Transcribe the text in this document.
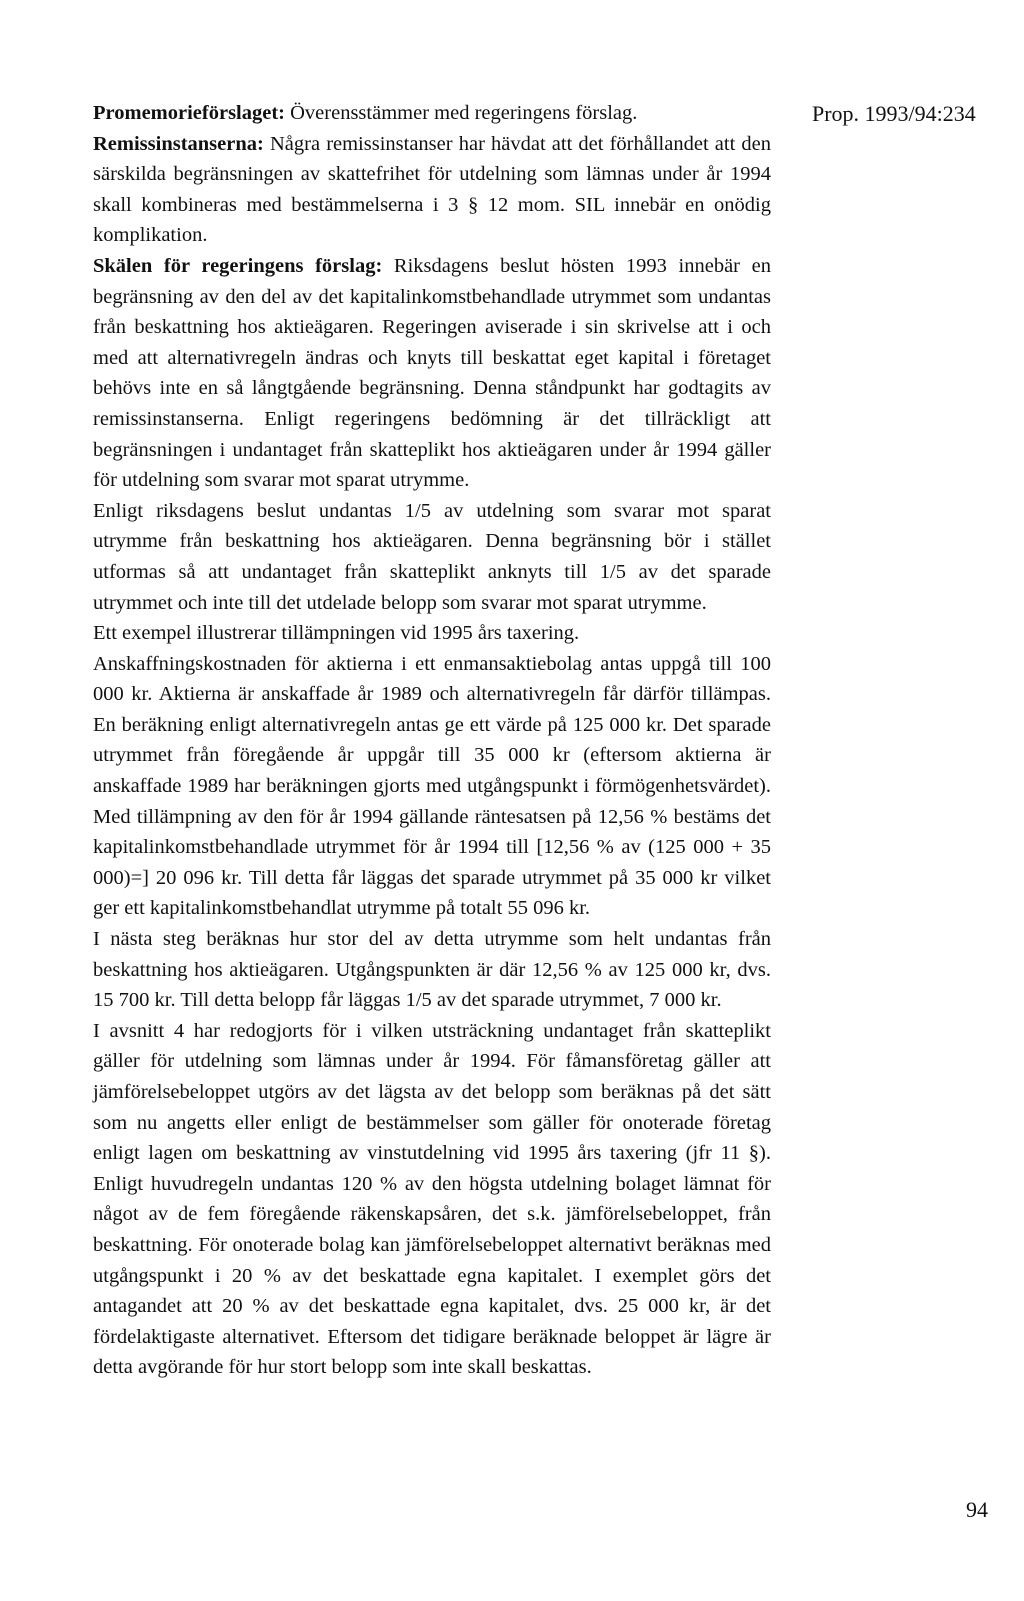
Prop. 1993/94:234

Promemorieförslaget: Överensstämmer med regeringens förslag.

Remissinstanserna: Några remissinstanser har hävdat att det förhållandet att den särskilda begränsningen av skattefrihet för utdelning som lämnas under år 1994 skall kombineras med bestämmelserna i 3 § 12 mom. SIL innebär en onödig komplikation.

Skälen för regeringens förslag: Riksdagens beslut hösten 1993 innebär en begränsning av den del av det kapitalinkomstbehandlade utrymmet som undantas från beskattning hos aktieägaren. Regeringen aviserade i sin skrivelse att i och med att alternativregeln ändras och knyts till beskattat eget kapital i företaget behövs inte en så långtgående begränsning. Denna ståndpunkt har godtagits av remissinstanserna. Enligt regeringens bedömning är det tillräckligt att begränsningen i undantaget från skatteplikt hos aktieägaren under år 1994 gäller för utdelning som svarar mot sparat utrymme.

Enligt riksdagens beslut undantas 1/5 av utdelning som svarar mot sparat utrymme från beskattning hos aktieägaren. Denna begränsning bör i stället utformas så att undantaget från skatteplikt anknyts till 1/5 av det sparade utrymmet och inte till det utdelade belopp som svarar mot sparat utrymme.

Ett exempel illustrerar tillämpningen vid 1995 års taxering.

Anskaffningskostnaden för aktierna i ett enmansaktiebolag antas uppgå till 100 000 kr. Aktierna är anskaffade år 1989 och alternativregeln får därför tillämpas. En beräkning enligt alternativregeln antas ge ett värde på 125 000 kr. Det sparade utrymmet från föregående år uppgår till 35 000 kr (eftersom aktierna är anskaffade 1989 har beräkningen gjorts med utgångspunkt i förmögenhetsvärdet). Med tillämpning av den för år 1994 gällande räntesatsen på 12,56 % bestäms det kapitalinkomstbehandlade utrymmet för år 1994 till [12,56 % av (125 000 + 35 000)=] 20 096 kr. Till detta får läggas det sparade utrymmet på 35 000 kr vilket ger ett kapitalinkomstbehandlat utrymme på totalt 55 096 kr.

I nästa steg beräknas hur stor del av detta utrymme som helt undantas från beskattning hos aktieägaren. Utgångspunkten är där 12,56 % av 125 000 kr, dvs. 15 700 kr. Till detta belopp får läggas 1/5 av det sparade utrymmet, 7 000 kr.

I avsnitt 4 har redogjorts för i vilken utsträckning undantaget från skatteplikt gäller för utdelning som lämnas under år 1994. För fåmansföretag gäller att jämförelsebeloppet utgörs av det lägsta av det belopp som beräknas på det sätt som nu angetts eller enligt de bestämmelser som gäller för onoterade företag enligt lagen om beskattning av vinstutdelning vid 1995 års taxering (jfr 11 §). Enligt huvudregeln undantas 120 % av den högsta utdelning bolaget lämnat för något av de fem föregående räkenskapsåren, det s.k. jämförelsebeloppet, från beskattning. För onoterade bolag kan jämförelsebeloppet alternativt beräknas med utgångspunkt i 20 % av det beskattade egna kapitalet. I exemplet görs det antagandet att 20 % av det beskattade egna kapitalet, dvs. 25 000 kr, är det fördelaktigaste alternativet. Eftersom det tidigare beräknade beloppet är lägre är detta avgörande för hur stort belopp som inte skall beskattas.

94
